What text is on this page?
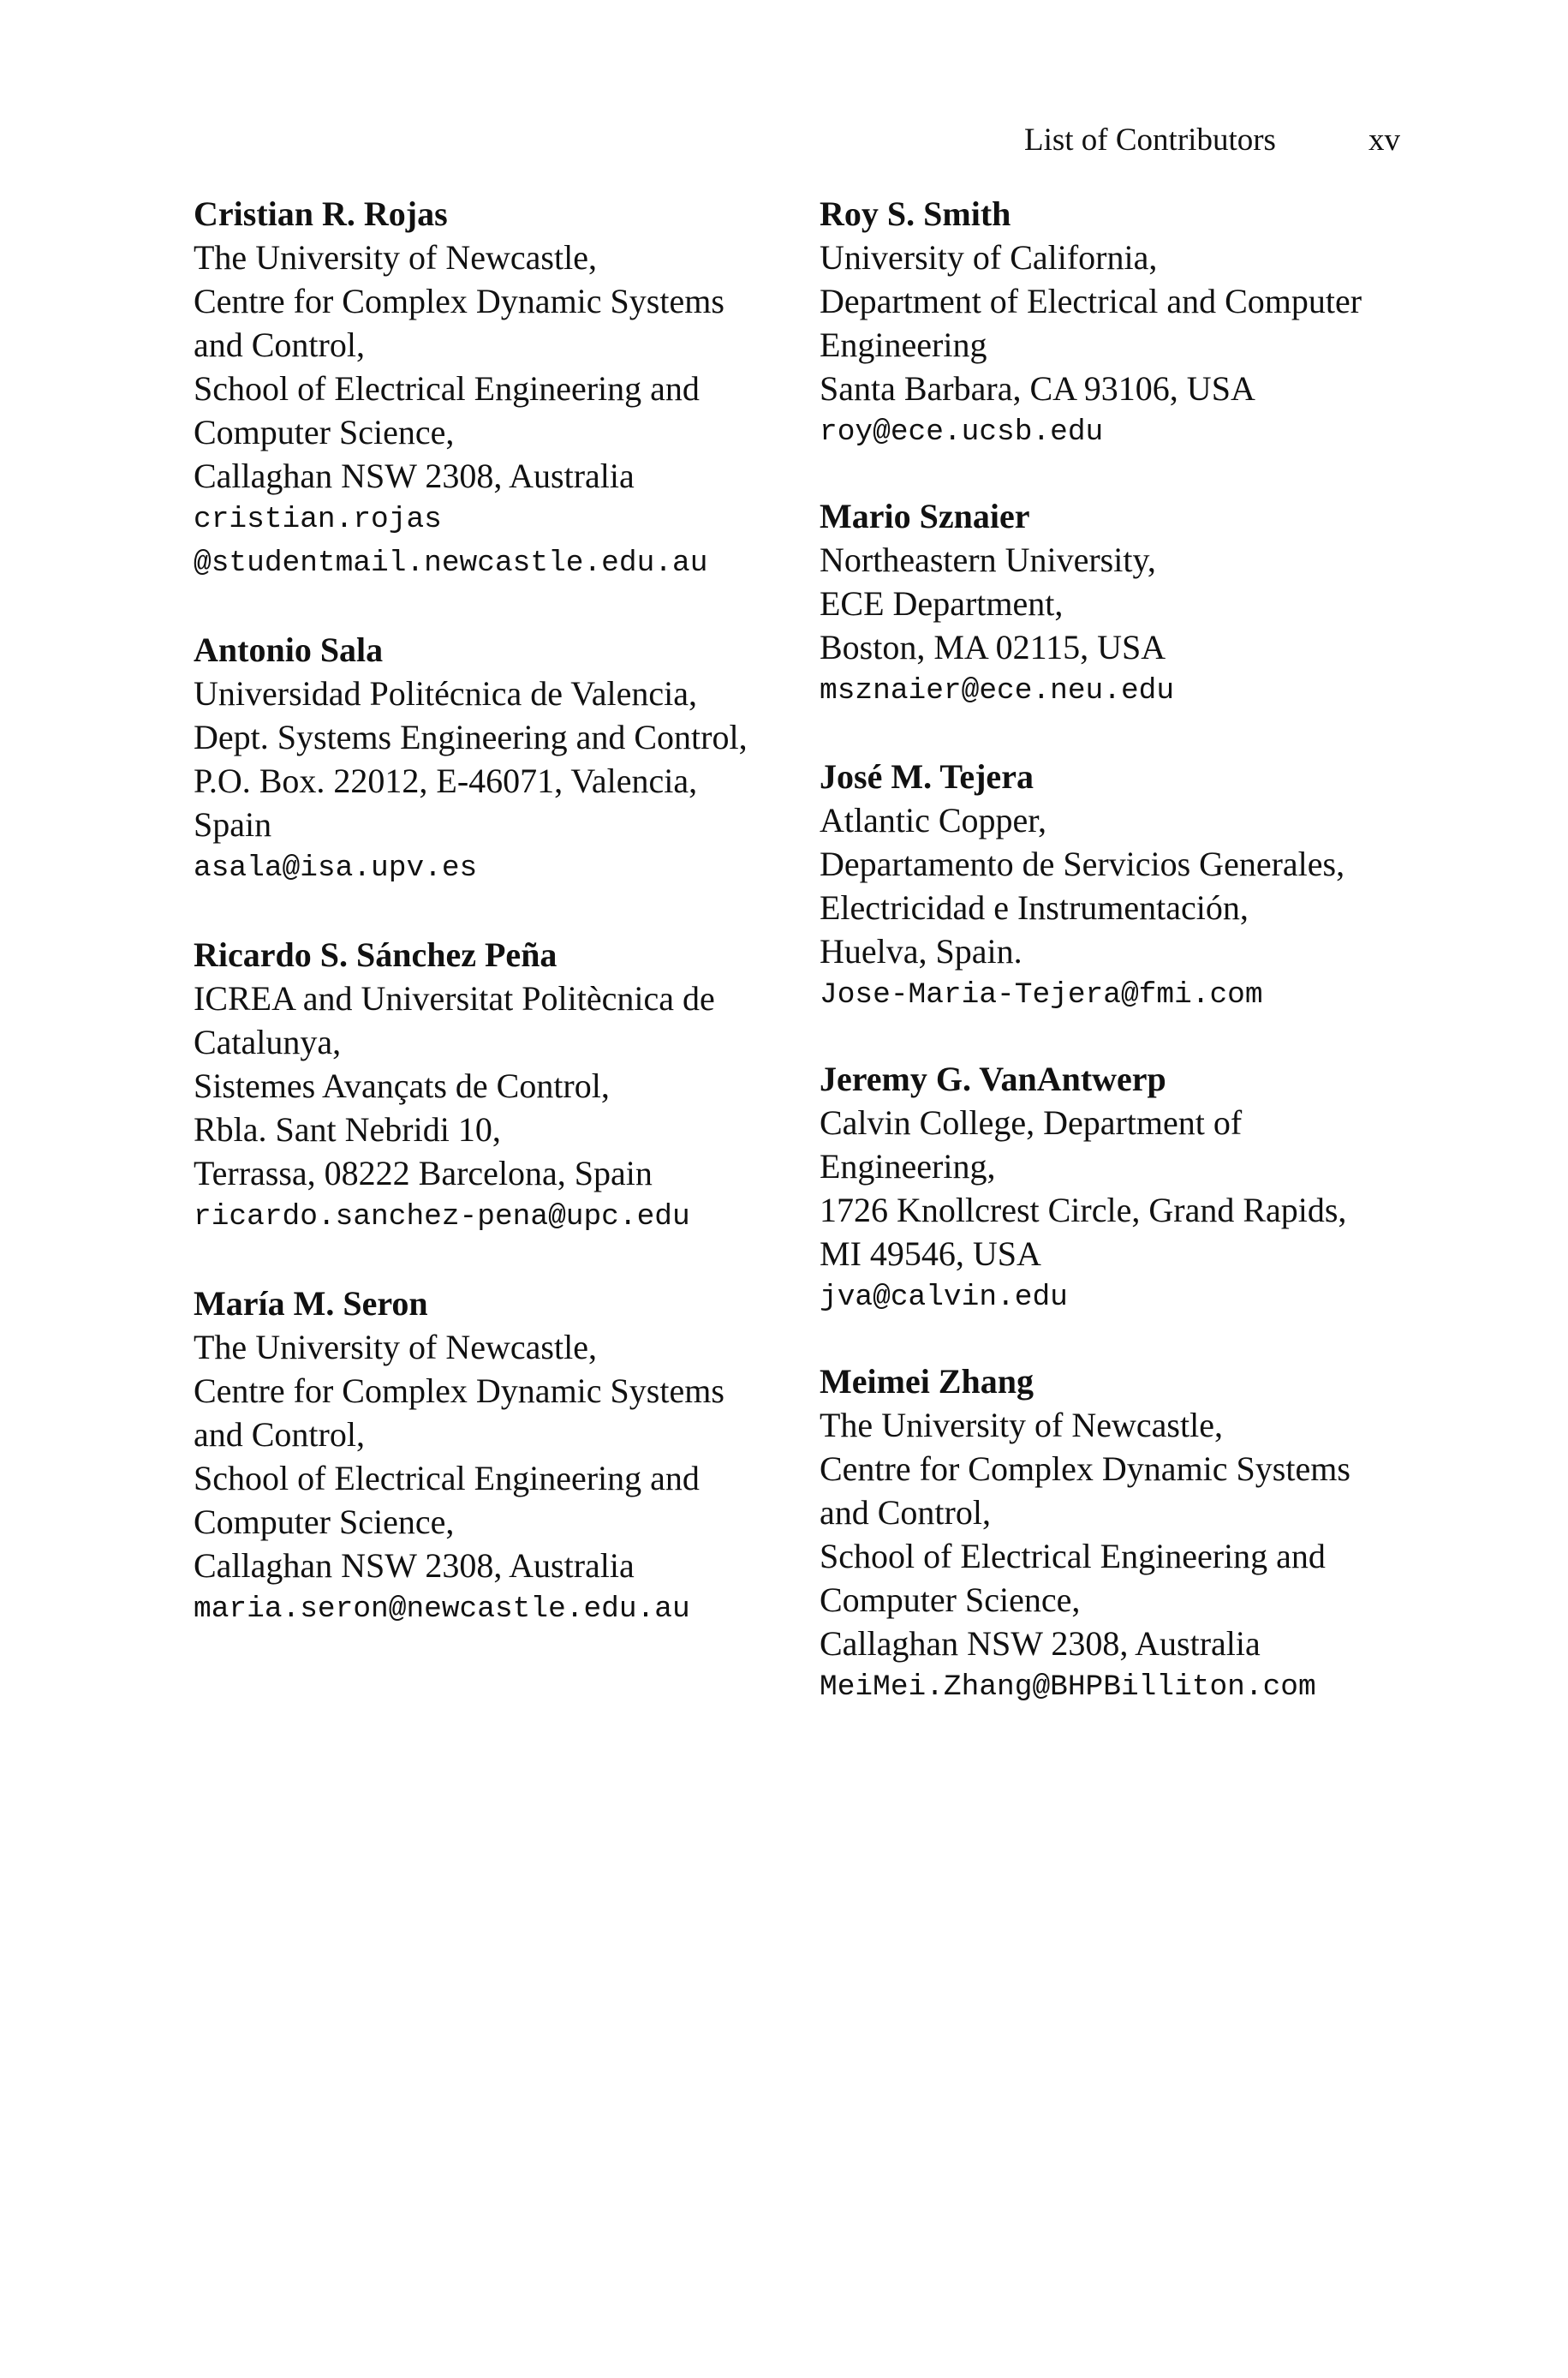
List of Contributors	xv
Cristian R. Rojas
The University of Newcastle,
Centre for Complex Dynamic Systems
and Control,
School of Electrical Engineering and
Computer Science,
Callaghan NSW 2308, Australia
cristian.rojas
@studentmail.newcastle.edu.au
Antonio Sala
Universidad Politécnica de Valencia,
Dept. Systems Engineering and Control,
P.O. Box. 22012, E-46071, Valencia,
Spain
asala@isa.upv.es
Ricardo S. Sánchez Peña
ICREA and Universitat Politècnica de
Catalunya,
Sistemes Avançats de Control,
Rbla. Sant Nebridi 10,
Terrassa, 08222 Barcelona, Spain
ricardo.sanchez-pena@upc.edu
María M. Seron
The University of Newcastle,
Centre for Complex Dynamic Systems
and Control,
School of Electrical Engineering and
Computer Science,
Callaghan NSW 2308, Australia
maria.seron@newcastle.edu.au
Roy S. Smith
University of California,
Department of Electrical and Computer
Engineering
Santa Barbara, CA 93106, USA
roy@ece.ucsb.edu
Mario Sznaier
Northeastern University,
ECE Department,
Boston, MA 02115, USA
msznaier@ece.neu.edu
José M. Tejera
Atlantic Copper,
Departamento de Servicios Generales,
Electricidad e Instrumentación,
Huelva, Spain.
Jose-Maria-Tejera@fmi.com
Jeremy G. VanAntwerp
Calvin College, Department of
Engineering,
1726 Knollcrest Circle, Grand Rapids,
MI 49546, USA
jva@calvin.edu
Meimei Zhang
The University of Newcastle,
Centre for Complex Dynamic Systems
and Control,
School of Electrical Engineering and
Computer Science,
Callaghan NSW 2308, Australia
MeiMei.Zhang@BHPBilliton.com
